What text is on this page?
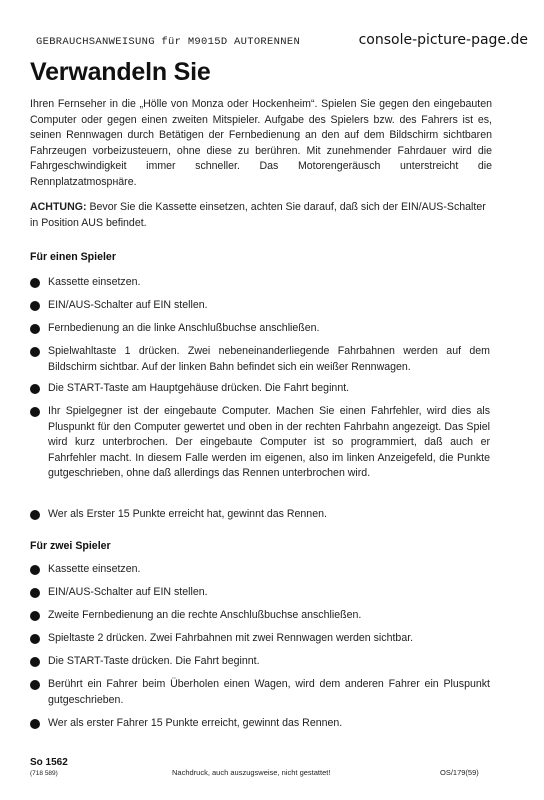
GEBRAUCHSANWEISUNG für M9015D AUTORENNEN	console-picture-page.de
Verwandeln Sie

Ihren Fernseher in die „Hölle von Monza oder Hockenheim“. Spielen Sie gegen den eingebauten Computer oder gegen einen zweiten Mitspieler. Aufgabe des Spielers bzw. des Fahrers ist es, seinen Rennwagen durch Betätigen der Fernbedienung an den auf dem Bildschirm sichtbaren Fahrzeugen vorbeizusteuern, ohne diese zu berühren. Mit zunehmender Fahrdauer wird die Fahrgeschwindigkeit immer schneller. Das Motorengeräusch unterstreicht die Rennplatzatmospнäre.

ACHTUNG: Bevor Sie die Kassette einsetzen, achten Sie darauf, daß sich der EIN/AUS-Schalter in Position AUS befindet.

Für einen Spieler
Kassette einsetzen.
EIN/AUS-Schalter auf EIN stellen.
Fernbedienung an die linke Anschlußbuchse anschließen.
Spielwahltaste 1 drücken. Zwei nebeneinanderliegende Fahrbahnen werden auf dem Bildschirm sichtbar. Auf der linken Bahn befindet sich ein weißer Rennwagen.
Die START-Taste am Hauptgehäuse drücken. Die Fahrt beginnt.
Ihr Spielgegner ist der eingebaute Computer. Machen Sie einen Fahrfehler, wird dies als Pluspunkt für den Computer gewertet und oben in der rechten Fahrbahn angezeigt. Das Spiel wird kurz unterbrochen. Der eingebaute Computer ist so programmiert, daß auch er Fahrfehler macht. In diesem Falle werden im eigenen, also im linken Anzeigefeld, die Punkte gutgeschrieben, ohne daß allerdings das Rennen unterbrochen wird.
Wer als Erster 15 Punkte erreicht hat, gewinnt das Rennen.
Für zwei Spieler
Kassette einsetzen.
EIN/AUS-Schalter auf EIN stellen.
Zweite Fernbedienung an die rechte Anschlußbuchse anschließen.
Spieltaste 2 drücken. Zwei Fahrbahnen mit zwei Rennwagen werden sichtbar.
Die START-Taste drücken. Die Fahrt beginnt.
Berührt ein Fahrer beim Überholen einen Wagen, wird dem anderen Fahrer ein Pluspunkt gutgeschrieben.
Wer als erster Fahrer 15 Punkte erreicht, gewinnt das Rennen.
So 1562
(718 589)	Nachdruck, auch auszugsweise, nicht gestattet!	OS/179(59)
